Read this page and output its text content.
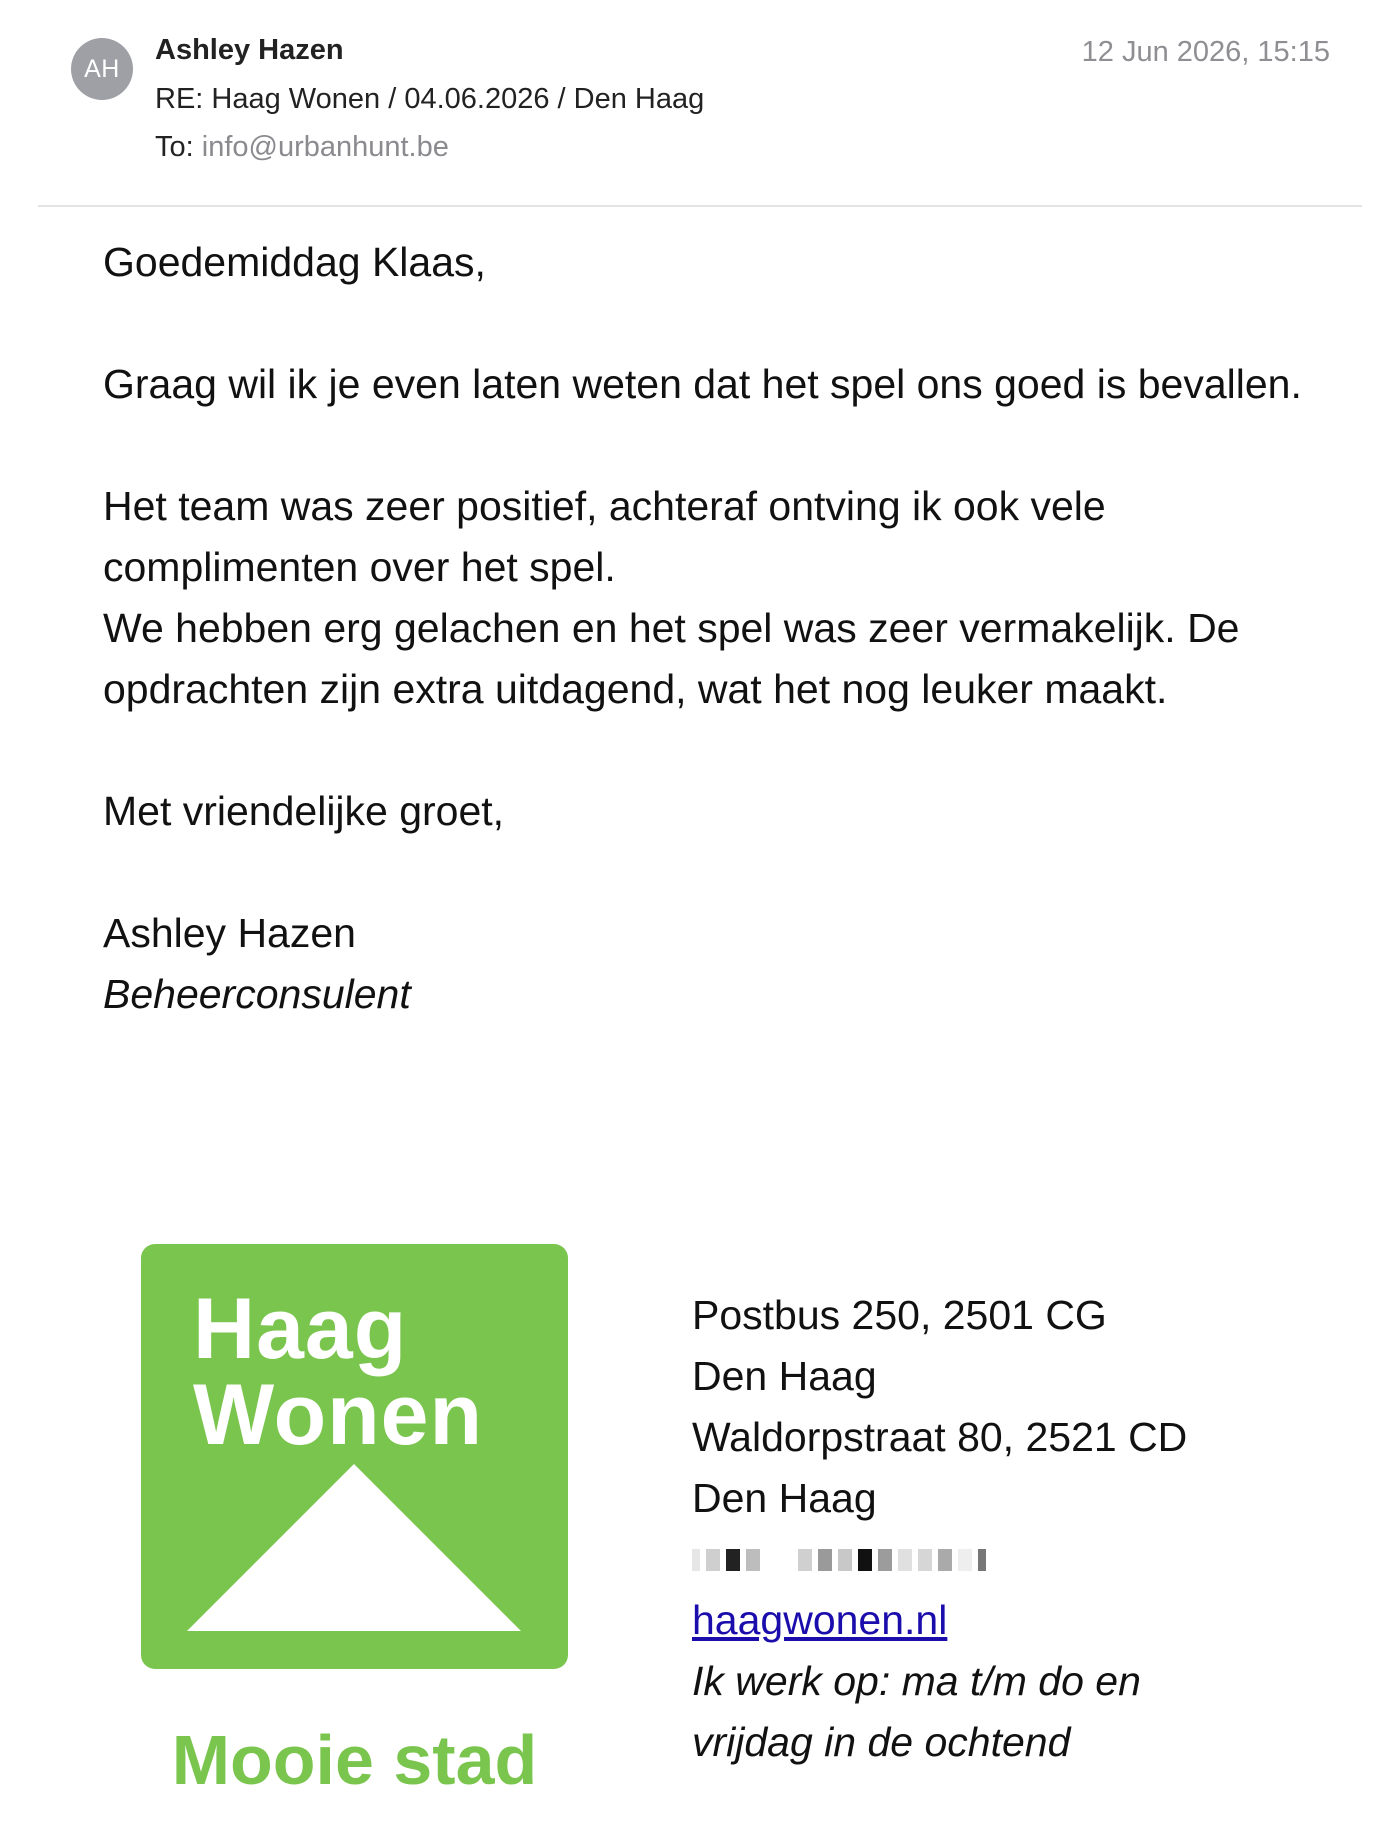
AH
Ashley Hazen
RE: Haag Wonen / 04.06.2026 / Den Haag
To: info@urbanhunt.be
12 Jun 2026, 15:15

Goedemiddag Klaas,

Graag wil ik je even laten weten dat het spel ons goed is bevallen.

Het team was zeer positief, achteraf ontving ik ook vele complimenten over het spel.

We hebben erg gelachen en het spel was zeer vermakelijk. De opdrachten zijn extra uitdagend, wat het nog leuker maakt.

Met vriendelijke groet,

Ashley Hazen

Beheerconsulent

Haag
Wonen
Mooie stad

Postbus 250, 2501 CG

Den Haag

Waldorpstraat 80, 2521 CD

Den Haag

haagwonen.nl

Ik werk op: ma t/m do en

vrijdag in de ochtend
